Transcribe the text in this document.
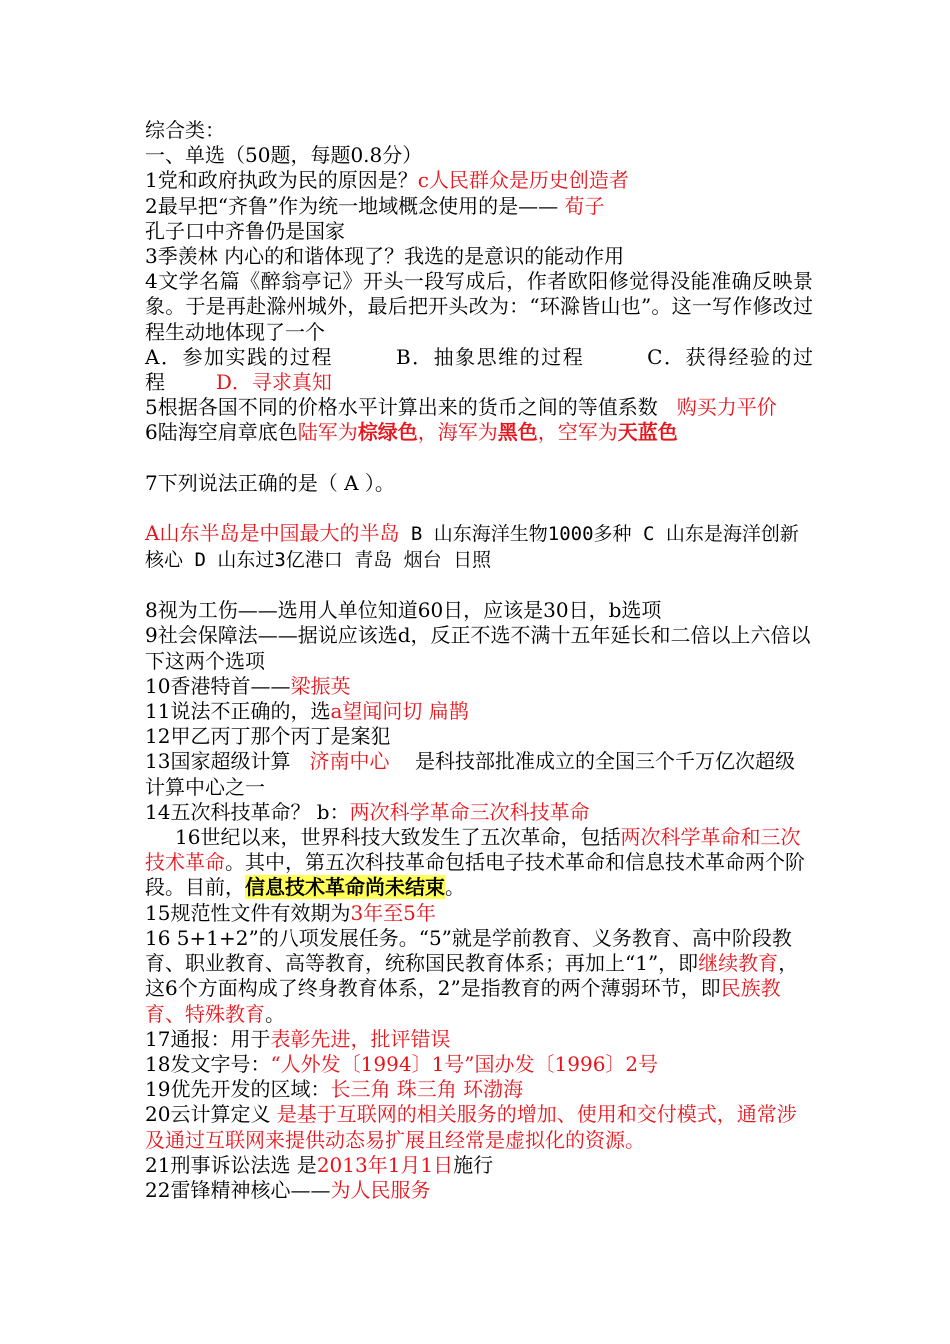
综合类：

一、单选（50题，每题0.8分）

1党和政府执政为民的原因是？c人民群众是历史创造者

2最早把“齐鲁”作为统一地域概念使用的是—— 荀子

孔子口中齐鲁仍是国家

3季羡林 内心的和谐体现了？我选的是意识的能动作用

4文学名篇《醉翁亭记》开头一段写成后，作者欧阳修觉得没能准确反映景象。于是再赴滁州城外，最后把开头改为：“环滁皆山也”。这一写作修改过程生动地体现了一个

A．参加实践的过程	B．抽象思维的过程	C．获得经验的过程	D．寻求真知

5根据各国不同的价格水平计算出来的货币之间的等值系数 购买力平价

6陆海空肩章底色陆军为棕绿色，海军为黑色，空军为天蓝色

7下列说法正确的是（ A ）。

A山东半岛是中国最大的半岛 B 山东海洋生物1000多种 C 山东是海洋创新核心 D 山东过3亿港口 青岛 烟台 日照

8视为工伤——选用人单位知道60日，应该是30日，b选项

9社会保障法——据说应该选d，反正不选不满十五年延长和二倍以上六倍以下这两个选项

10香港特首——梁振英

11说法不正确的，选a望闻问切 扁鹊

12甲乙丙丁那个丙丁是案犯

13国家超级计算   济南中心    是科技部批准成立的全国三个千万亿次超级计算中心之一

14五次科技革命？ b：两次科学革命三次科技革命

16世纪以来，世界科技大致发生了五次革命，包括两次科学革命和三次技术革命。其中，第五次科技革命包括电子技术革命和信息技术革命两个阶段。目前，信息技术革命尚未结束。

15规范性文件有效期为3年至5年

16 5+1+2”的八项发展任务。“5”就是学前教育、义务教育、高中阶段教育、职业教育、高等教育，统称国民教育体系；再加上“1”，即继续教育，这6个方面构成了终身教育体系，2”是指教育的两个薄弱环节，即民族教育、特殊教育。

17通报：用于表彰先进，批评错误

18发文字号：“人外发〔1994〕1号”国办发〔1996〕2号

19优先开发的区域：长三角 珠三角 环渤海

20云计算定义 是基于互联网的相关服务的增加、使用和交付模式，通常涉及通过互联网来提供动态易扩展且经常是虚拟化的资源。

21刑事诉讼法选 是2013年1月1日施行

22雷锋精神核心——为人民服务
